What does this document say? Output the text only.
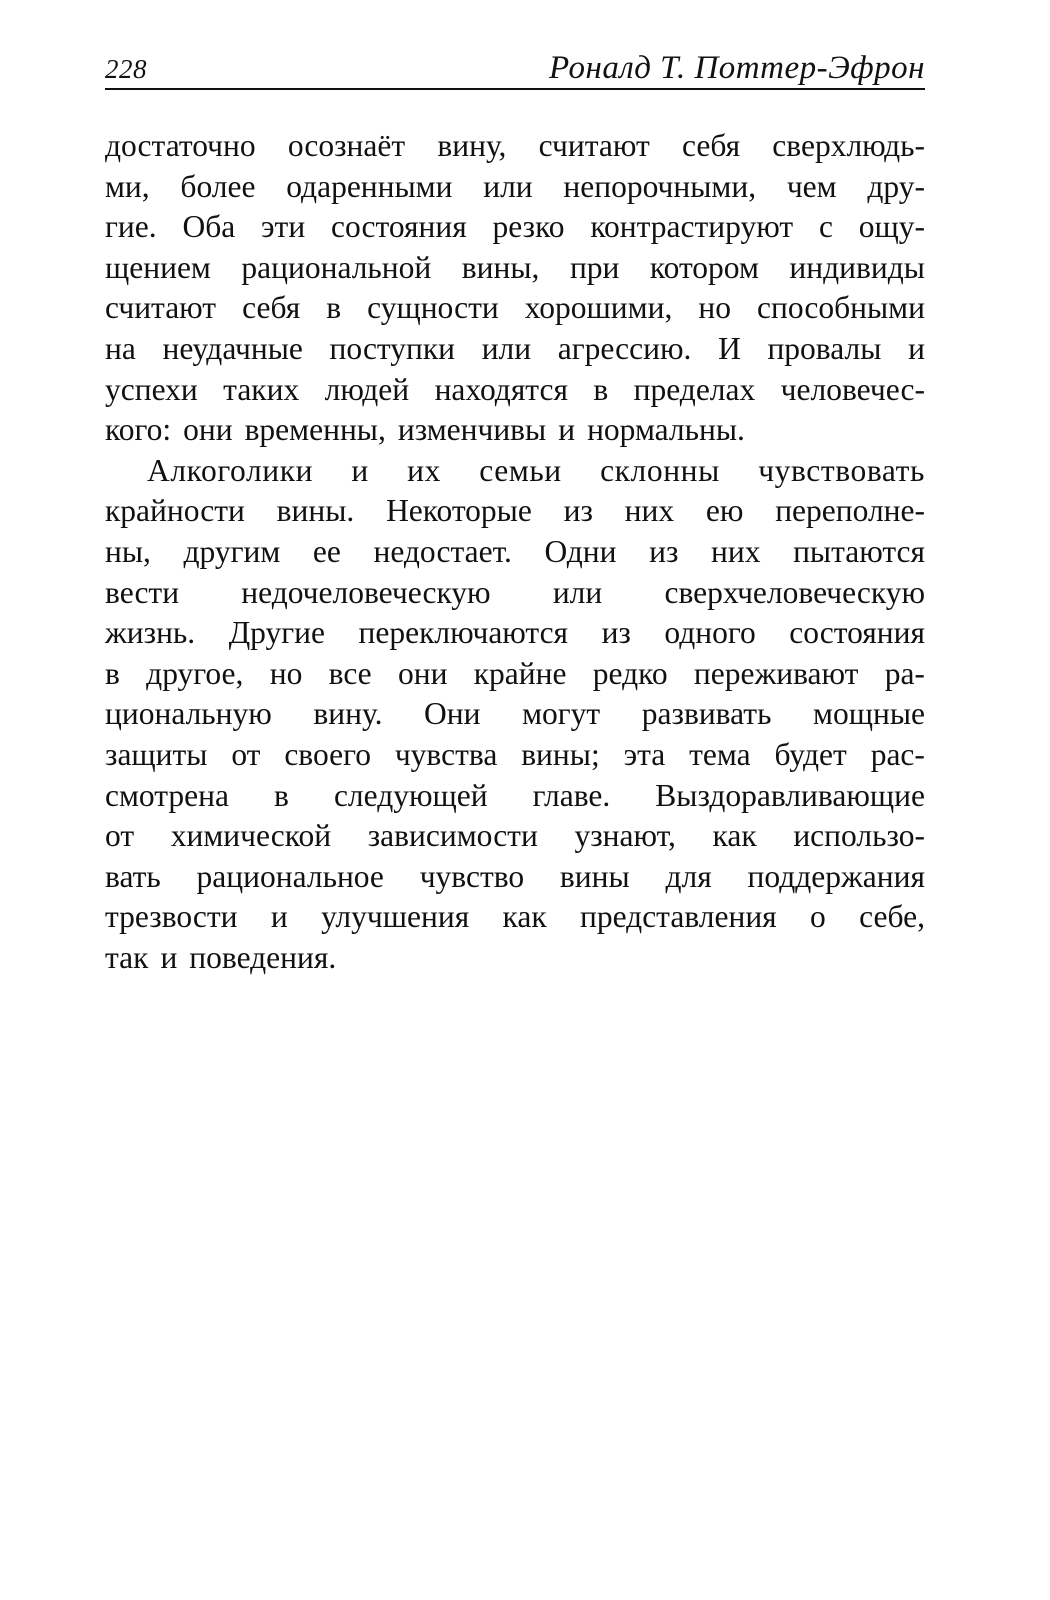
228	Роналд Т. Поттер-Эфрон
достаточно осознаёт вину, считают себя сверхлюдь-
ми, более одаренными или непорочными, чем дру-
гие. Оба эти состояния резко контрастируют с ощу-
щением рациональной вины, при котором индивиды
считают себя в сущности хорошими, но способными
на неудачные поступки или агрессию. И провалы и
успехи таких людей находятся в пределах человечес-
кого: они временны, изменчивы и нормальны.
Алкоголики и их семьи склонны чувствовать
крайности вины. Некоторые из них ею переполне-
ны, другим ее недостает. Одни из них пытаются
вести недочеловеческую или сверхчеловеческую
жизнь. Другие переключаются из одного состояния
в другое, но все они крайне редко переживают ра-
циональную вину. Они могут развивать мощные
защиты от своего чувства вины; эта тема будет рас-
смотрена в следующей главе. Выздоравливающие
от химической зависимости узнают, как использо-
вать рациональное чувство вины для поддержания
трезвости и улучшения как представления о себе,
так и поведения.
